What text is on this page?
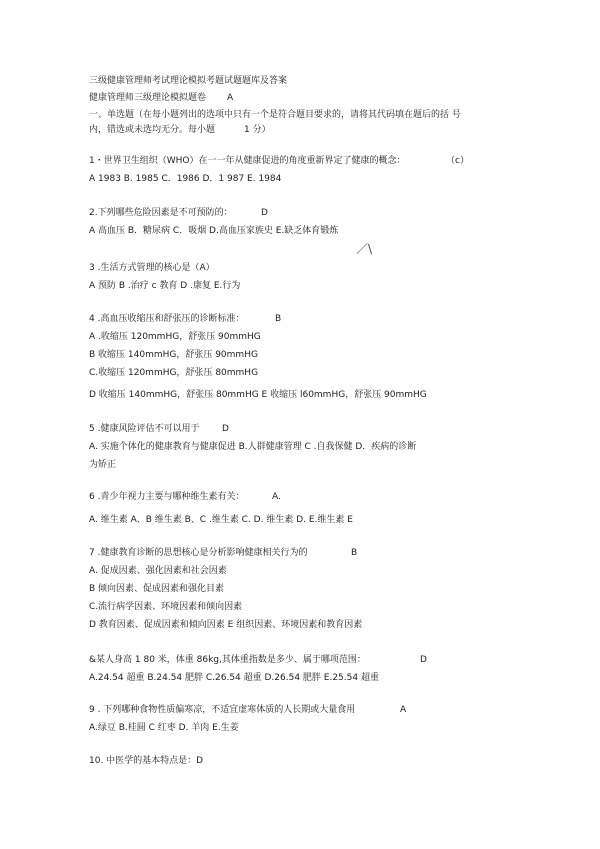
三级健康管理师考试理论模拟考题试题题库及答案
健康管理师三级理论模拟题卷 A
一、单选题（在每小题列出的选项中只有一个是符合题目要求的，请将其代码填在题后的括 号
内，错选或未选均无分。每小题	1 分）
1・世界卫生组织（WHO）在一一年从健康促进的角度重新界定了健康的概念：	（c）
A 1983 B. 1985 C．1986 D．1 987 E. 1984
2.下列哪些危险因素是不可预防的：	D
A 高血压 B．糖尿病 C．吸烟 D.高血压家族史 E.缺乏体育锻炼
／\
3 .生活方式管理的核心是（A）
A 预防 B .治疗 c 教育 D .康复 E.行为
4 .高血压收缩压和舒张压的诊断标准：	B
A .收缩压 120mmHG，舒张压 90mmHG
B 收缩压 140mmHG，舒张压 90mmHG
C.收缩压 120mmHG，舒张压 80mmHG
D 收缩压 140mmHG，舒张压 80mmHG E 收缩压 l60mmHG，舒张压 90mmHG
5 .健康风险评估不可以用于	D
A. 实施个体化的健康教育与健康促进 B.人群健康管理 C .自我保健 D．疾病的诊断
为矫正
6 .青少年视力主要与哪种维生素有关：	A.
A. 维生素 A、B 维生素 B、C .维生素 C. D. 维生素 D. E.维生素 E
7 .健康教育诊断的思想核心是分析影响健康相关行为的	B
A. 促成因素、强化因素和社会因素
B 倾向因素、促成因素和强化目素
C.流行病学因素、环境因素和倾向因素
D 教育因素、促成因素和傾向因素 E 组织因素、环境因素和教育因素
&某人身高 1 80 米，体重 86kg,其体重指数是多少、属于哪项范围：	D
A.24.54 超重 B.24.54 肥胖 C.26.54 超重 D.26.54 肥胖 E.25.54 超重
9 . 下列哪种食物性质偏寒凉，不适宜虚寒体质的人长期或大量食用	A
A.绿豆 B.桂圆 C 红枣 D. 羊肉 E.生姜
10. 中医学的基本特点是：D
